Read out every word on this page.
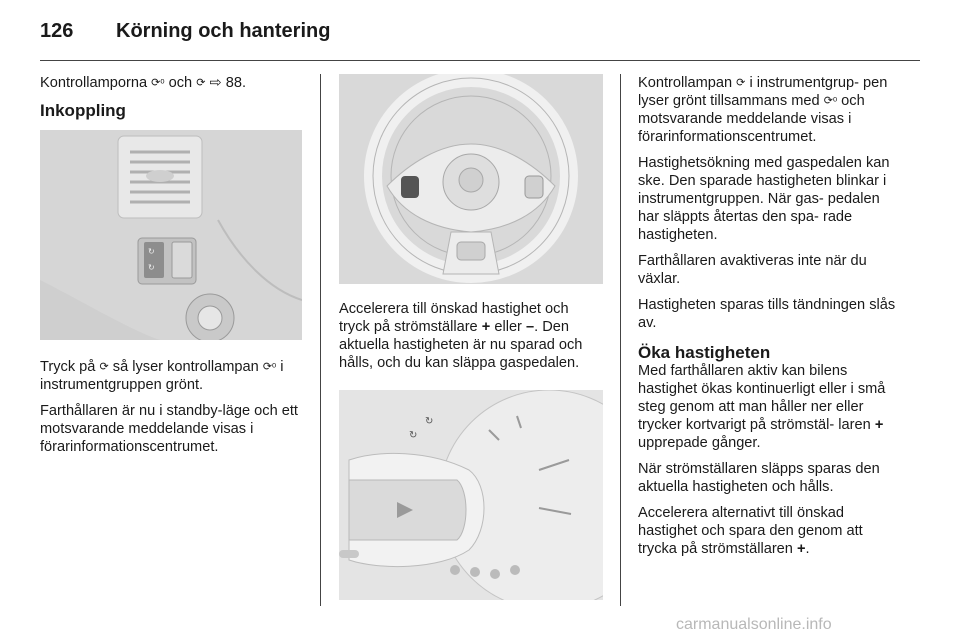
126 Körning och hantering

Kontrollamporna ⟳ᵒ och ⟳ ⇨ 88.

Inkoppling
↻
↻

Tryck på ⟳ så lyser kontrollampan ⟳ᵒ i instrumentgruppen grönt.

Farthållaren är nu i standby-läge och ett motsvarande meddelande visas i förarinformationscentrumet.

Accelerera till önskad hastighet och tryck på strömställare + eller –. Den aktuella hastigheten är nu sparad och hålls, och du kan släppa gaspedalen.

↻
↻

Kontrollampan ⟳ i instrumentgrup- pen lyser grönt tillsammans med ⟳ᵒ och motsvarande meddelande visas i förarinformationscentrumet.

Hastighetsökning med gaspedalen kan ske. Den sparade hastigheten blinkar i instrumentgruppen. När gas- pedalen har släppts återtas den spa- rade hastigheten.

Farthållaren avaktiveras inte när du växlar.

Hastigheten sparas tills tändningen slås av.

Öka hastigheten

Med farthållaren aktiv kan bilens hastighet ökas kontinuerligt eller i små steg genom att man håller ner eller trycker kortvarigt på strömstäl- laren + upprepade gånger.

När strömställaren släpps sparas den aktuella hastigheten och hålls.

Accelerera alternativt till önskad hastighet och spara den genom att trycka på strömställaren +.

carmanualsonline.info
